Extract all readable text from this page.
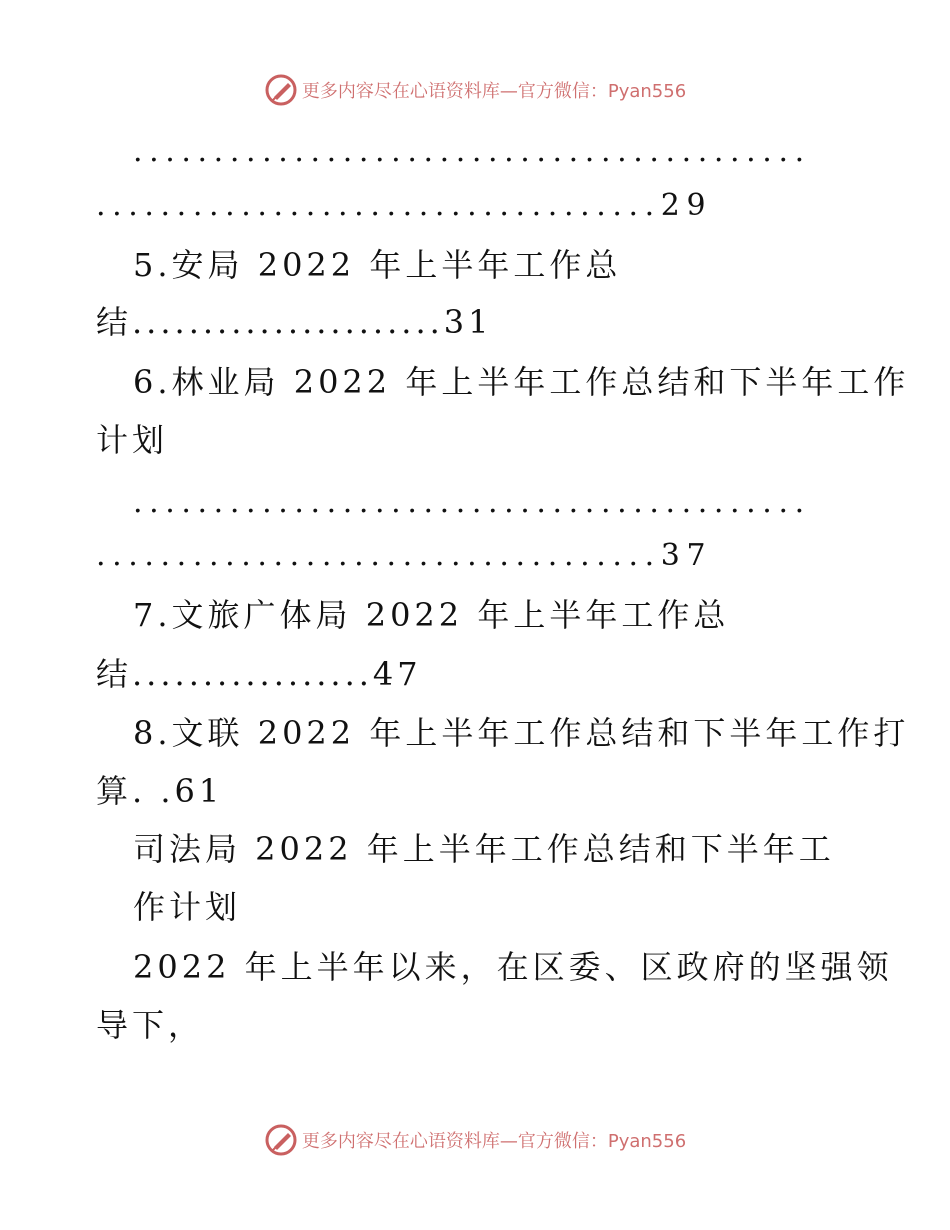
更多内容尽在心语资料库—官方微信：Pyan556
..........................................
...................................29
5.安局 2022 年上半年工作总
结......................31
6.林业局 2022 年上半年工作总结和下半年工作
计划
..........................................
...................................37
7.文旅广体局 2022 年上半年工作总
结.................47
8.文联 2022 年上半年工作总结和下半年工作打
算. .61
司法局 2022 年上半年工作总结和下半年工
作计划
2022 年上半年以来，在区委、区政府的坚强领
导下，
更多内容尽在心语资料库—官方微信：Pyan556
